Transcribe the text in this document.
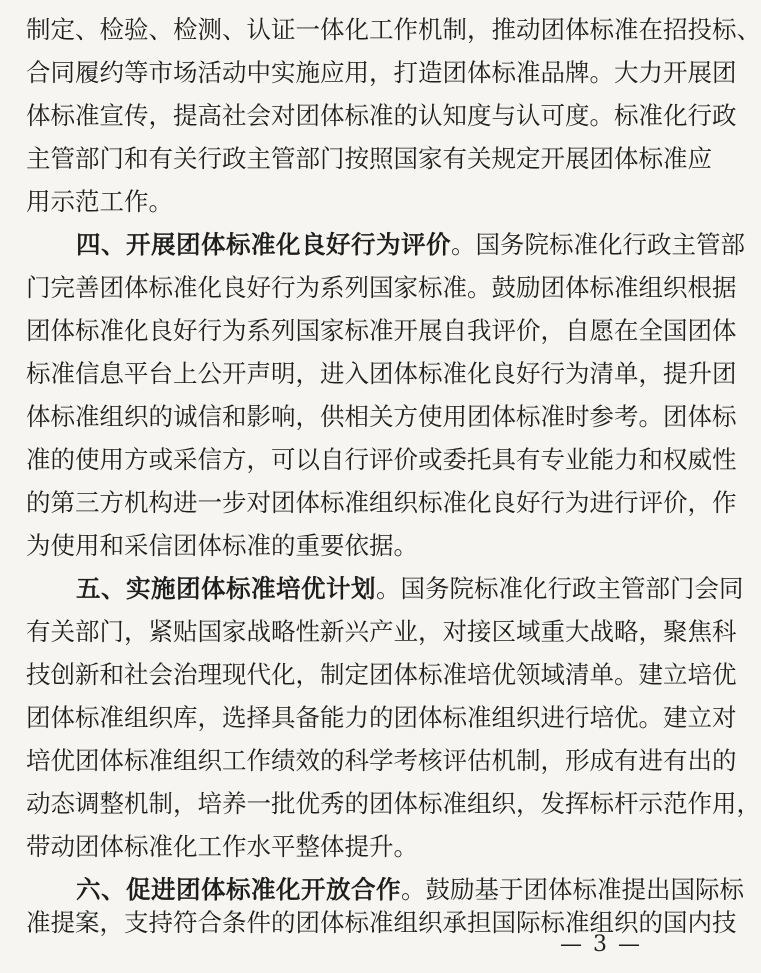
制定、检验、检测、认证一体化工作机制，推动团体标准在招投标、
合同履约等市场活动中实施应用，打造团体标准品牌。大力开展团
体标准宣传，提高社会对团体标准的认知度与认可度。标准化行政
主管部门和有关行政主管部门按照国家有关规定开展团体标准应
用示范工作。
四、开展团体标准化良好行为评价。国务院标准化行政主管部
门完善团体标准化良好行为系列国家标准。鼓励团体标准组织根据
团体标准化良好行为系列国家标准开展自我评价，自愿在全国团体
标准信息平台上公开声明，进入团体标准化良好行为清单，提升团
体标准组织的诚信和影响，供相关方使用团体标准时参考。团体标
准的使用方或采信方，可以自行评价或委托具有专业能力和权威性
的第三方机构进一步对团体标准组织标准化良好行为进行评价，作
为使用和采信团体标准的重要依据。
五、实施团体标准培优计划。国务院标准化行政主管部门会同
有关部门，紧贴国家战略性新兴产业，对接区域重大战略，聚焦科
技创新和社会治理现代化，制定团体标准培优领域清单。建立培优
团体标准组织库，选择具备能力的团体标准组织进行培优。建立对
培优团体标准组织工作绩效的科学考核评估机制，形成有进有出的
动态调整机制，培养一批优秀的团体标准组织，发挥标杆示范作用，
带动团体标准化工作水平整体提升。
六、促进团体标准化开放合作。鼓励基于团体标准提出国际标
准提案，支持符合条件的团体标准组织承担国际标准组织的国内技
— 3 —
